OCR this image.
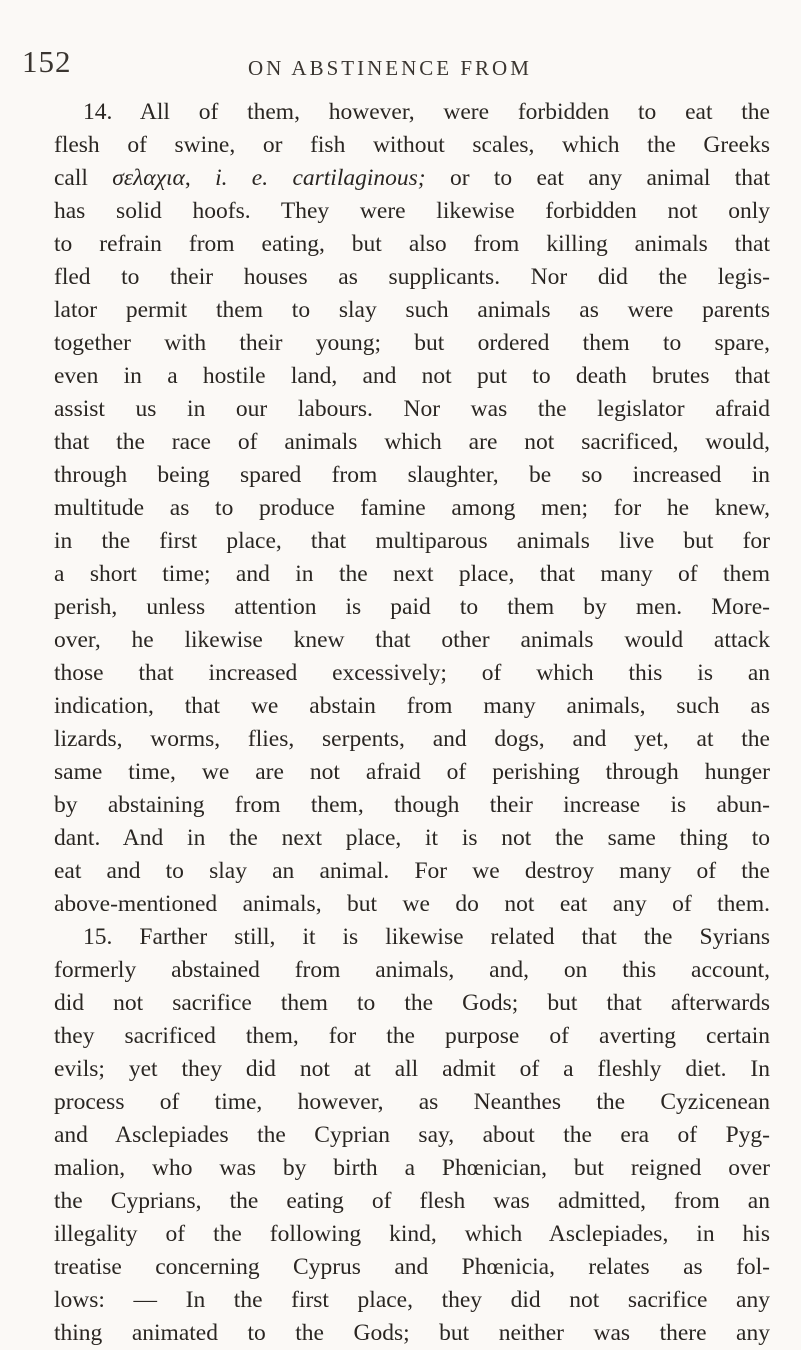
152	ON ABSTINENCE FROM
14. All of them, however, were forbidden to eat the
flesh of swine, or fish without scales, which the Greeks
call σελαχια, i. e. cartilaginous; or to eat any animal that
has solid hoofs. They were likewise forbidden not only
to refrain from eating, but also from killing animals that
fled to their houses as supplicants. Nor did the legis-
lator permit them to slay such animals as were parents
together with their young; but ordered them to spare,
even in a hostile land, and not put to death brutes that
assist us in our labours. Nor was the legislator afraid
that the race of animals which are not sacrificed, would,
through being spared from slaughter, be so increased in
multitude as to produce famine among men; for he knew,
in the first place, that multiparous animals live but for
a short time; and in the next place, that many of them
perish, unless attention is paid to them by men. More-
over, he likewise knew that other animals would attack
those that increased excessively; of which this is an
indication, that we abstain from many animals, such as
lizards, worms, flies, serpents, and dogs, and yet, at the
same time, we are not afraid of perishing through hunger
by abstaining from them, though their increase is abun-
dant. And in the next place, it is not the same thing to
eat and to slay an animal. For we destroy many of the
above-mentioned animals, but we do not eat any of them.
15. Farther still, it is likewise related that the Syrians
formerly abstained from animals, and, on this account,
did not sacrifice them to the Gods; but that afterwards
they sacrificed them, for the purpose of averting certain
evils; yet they did not at all admit of a fleshly diet. In
process of time, however, as Neanthes the Cyzicenean
and Asclepiades the Cyprian say, about the era of Pyg-
malion, who was by birth a Phœnician, but reigned over
the Cyprians, the eating of flesh was admitted, from an
illegality of the following kind, which Asclepiades, in his
treatise concerning Cyprus and Phœnicia, relates as fol-
lows: — In the first place, they did not sacrifice any
thing animated to the Gods; but neither was there any
